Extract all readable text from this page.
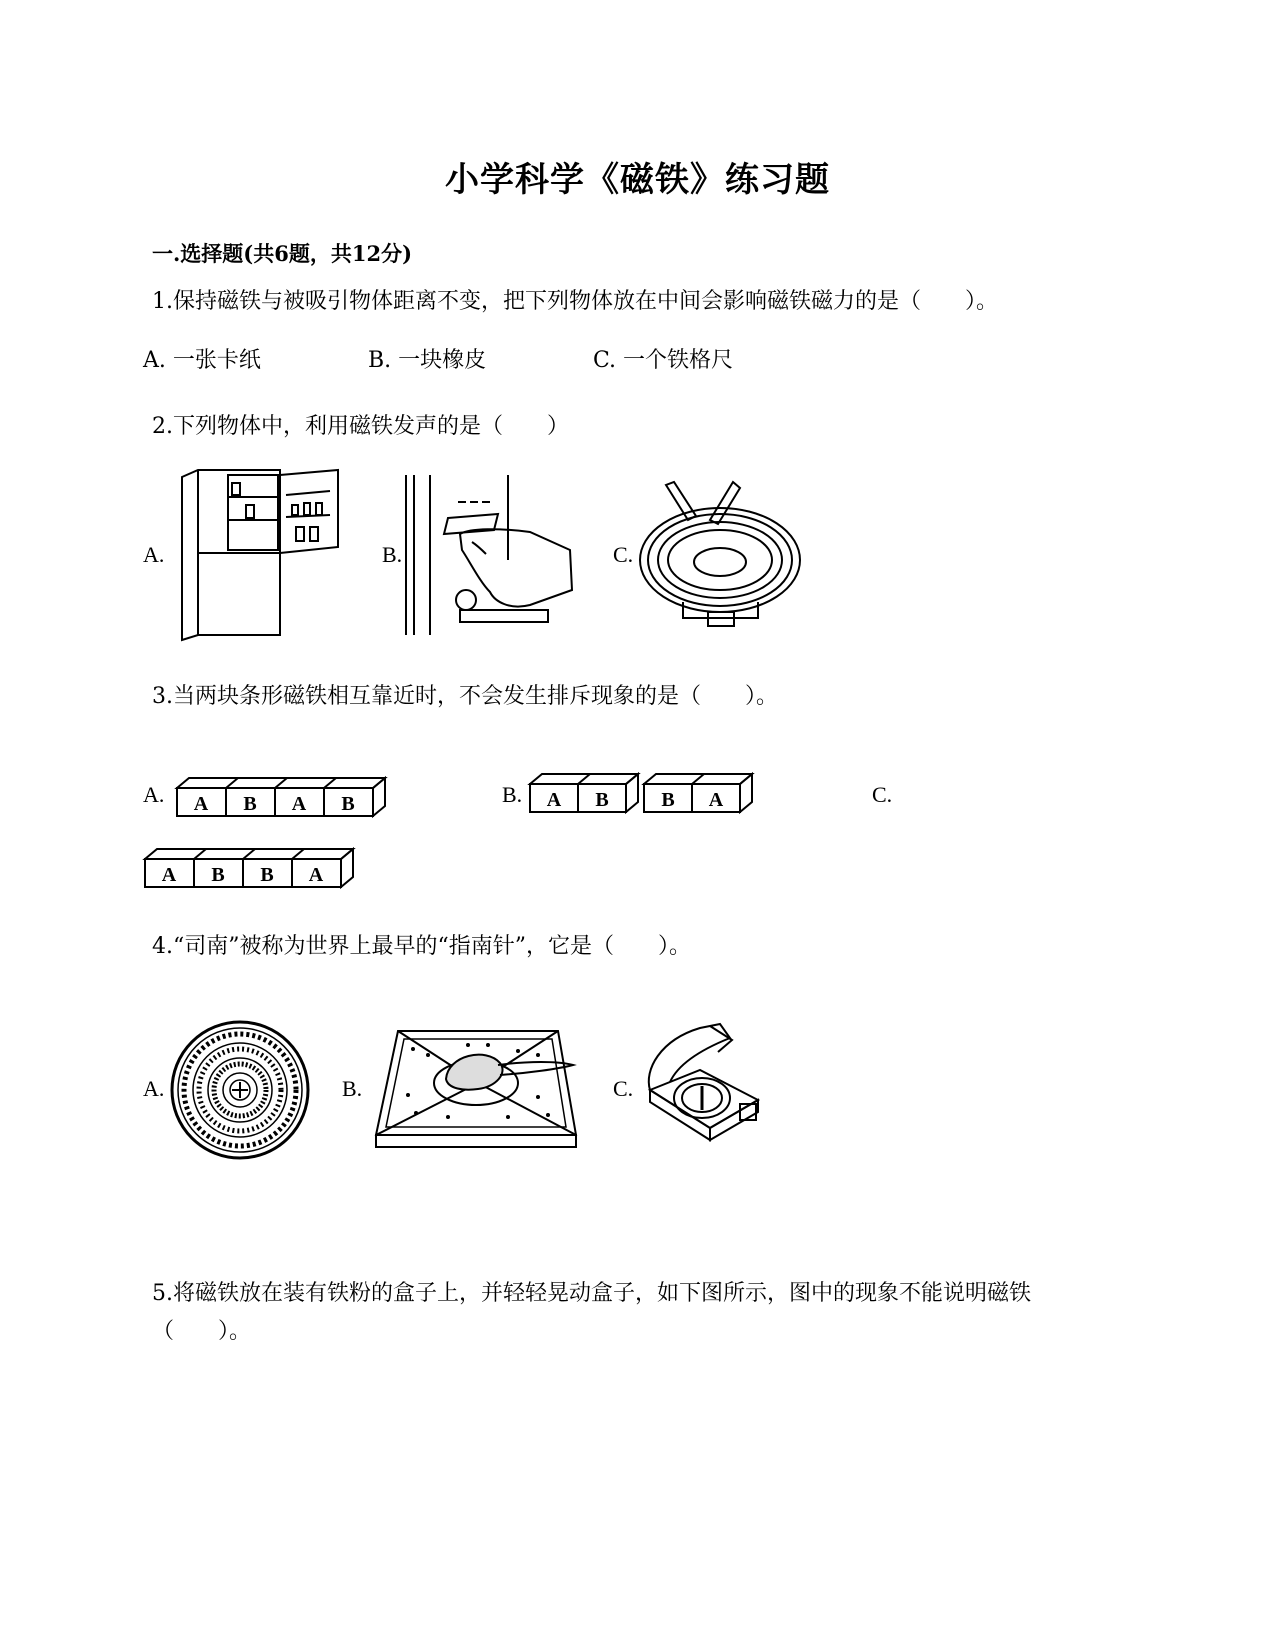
小学科学《磁铁》练习题
一.选择题(共6题，共12分)
1.保持磁铁与被吸引物体距离不变，把下列物体放在中间会影响磁铁磁力的是（　　）。
A. 一张卡纸	B. 一块橡皮	C. 一个铁格尺
2.下列物体中，利用磁铁发声的是（　　）
A.	B.	C.
3.当两块条形磁铁相互靠近时，不会发生排斥现象的是（　　）。
A.	B.	C.
A B A B	A B	B A
A B B A
4.“司南”被称为世界上最早的“指南针”，它是（　　）。
A.	B.	C.
5.将磁铁放在装有铁粉的盒子上，并轻轻晃动盒子，如下图所示，图中的现象不能说明磁铁（　　）。
